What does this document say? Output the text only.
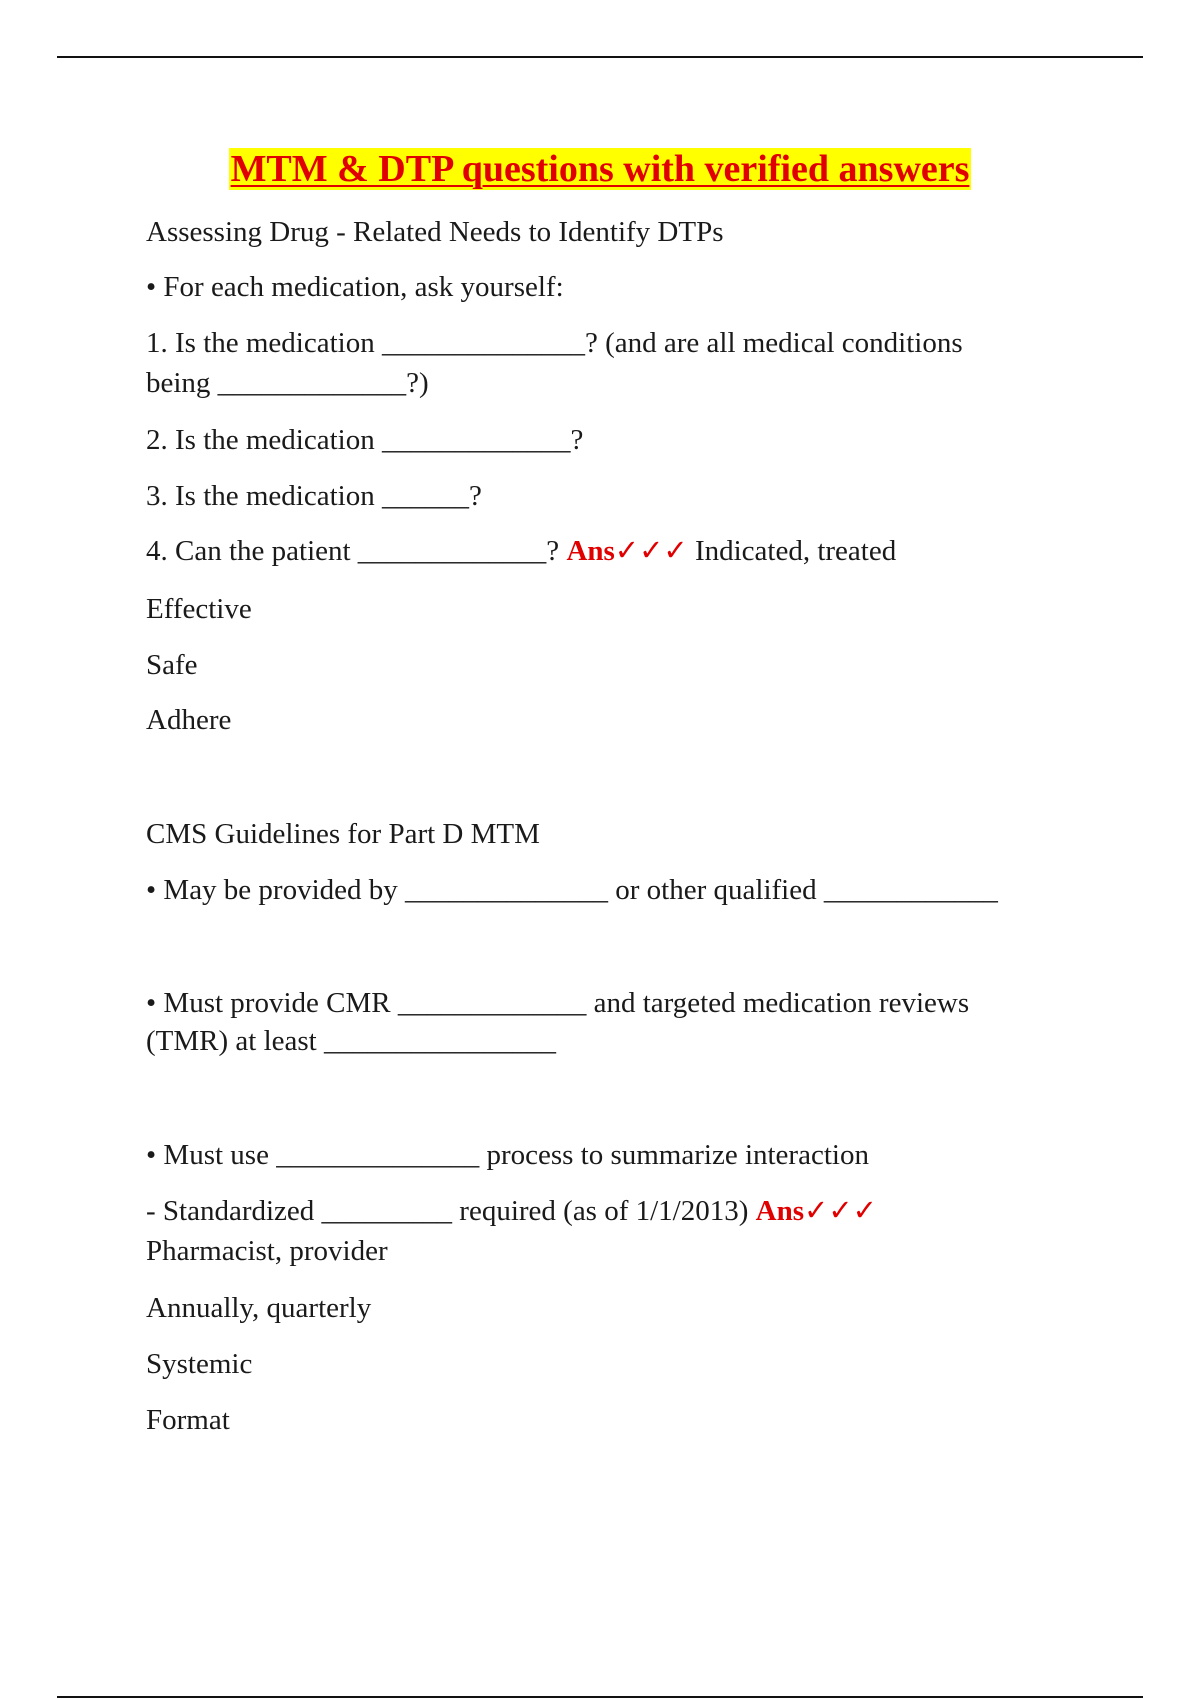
MTM & DTP questions with verified answers
Assessing Drug - Related Needs to Identify DTPs
• For each medication, ask yourself:
1. Is the medication ______________? (and are all medical conditions
being _____________?)
2. Is the medication _____________?
3. Is the medication ______?
4. Can the patient _____________? Ans✓✓✓ Indicated, treated
Effective
Safe
Adhere
CMS Guidelines for Part D MTM
• May be provided by ______________ or other qualified ____________
• Must provide CMR _____________ and targeted medication reviews
(TMR) at least ________________
• Must use ______________ process to summarize interaction
- Standardized _________ required (as of 1/1/2013) Ans✓✓✓
Pharmacist, provider
Annually, quarterly
Systemic
Format
